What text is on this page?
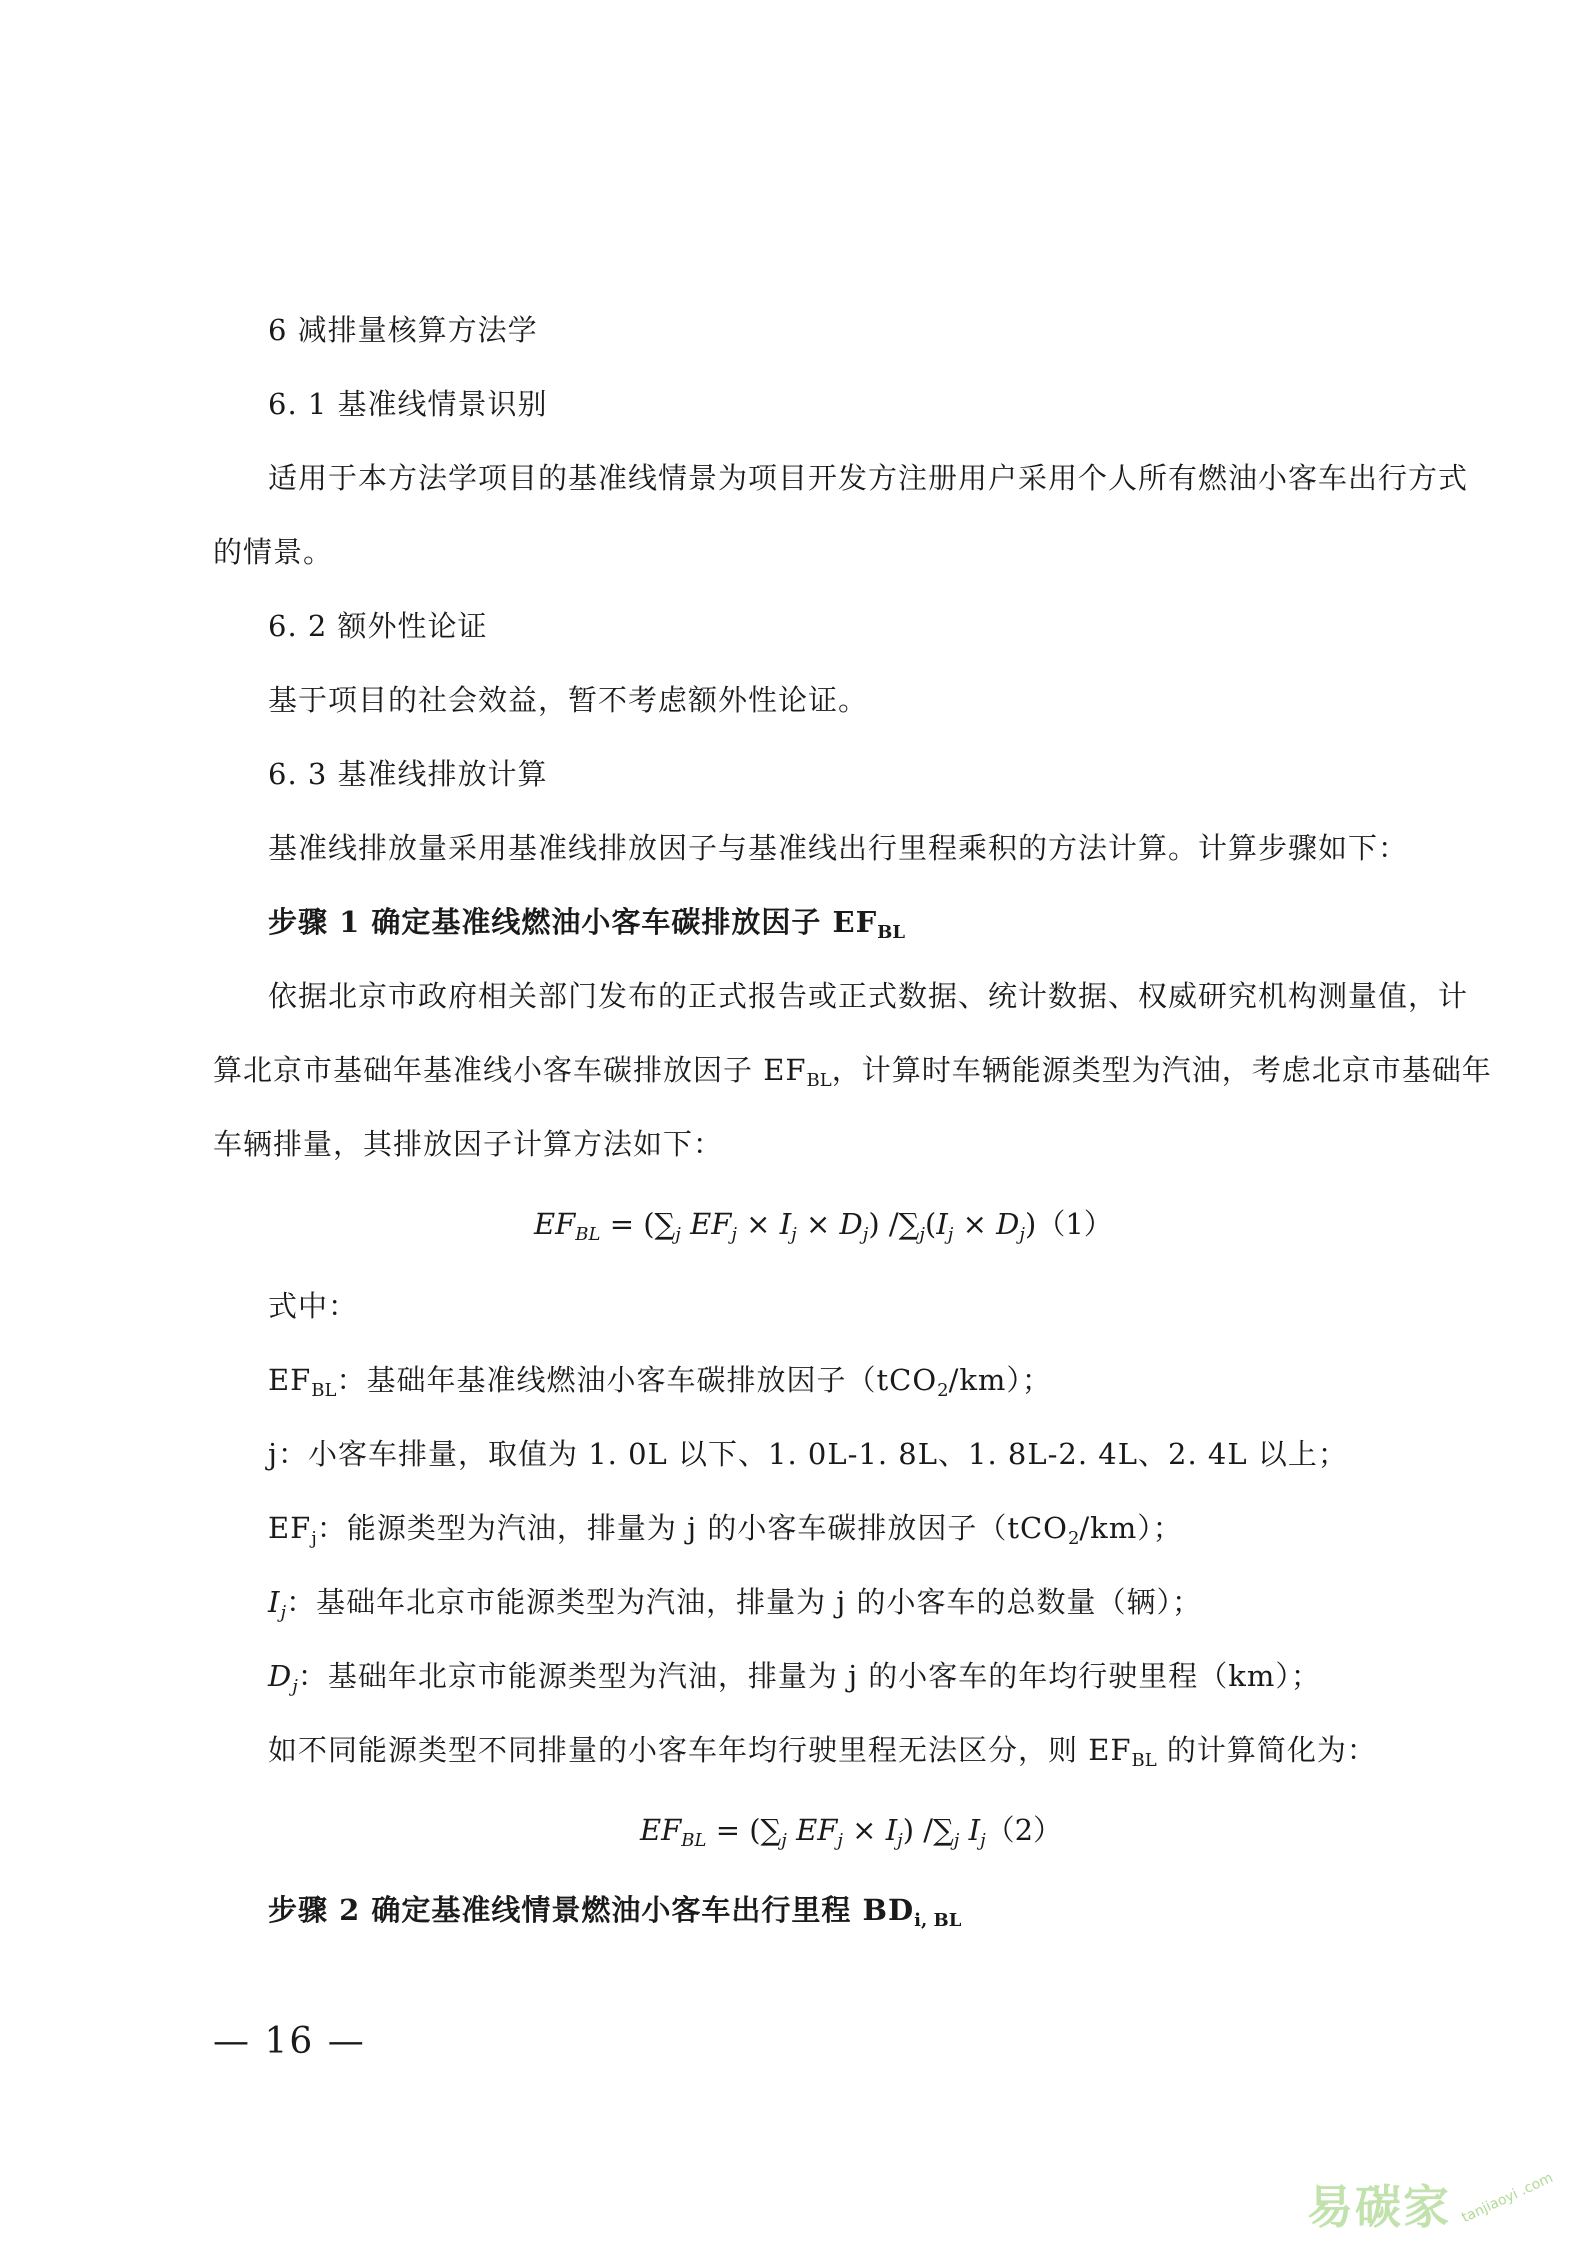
6 减排量核算方法学
6. 1 基准线情景识别
适用于本方法学项目的基准线情景为项目开发方注册用户采用个人所有燃油小客车出行方式
的情景。
6. 2 额外性论证
基于项目的社会效益，暂不考虑额外性论证。
6. 3 基准线排放计算
基准线排放量采用基准线排放因子与基准线出行里程乘积的方法计算。计算步骤如下：
步骤 1 确定基准线燃油小客车碳排放因子 $EF_{BL}$
依据北京市政府相关部门发布的正式报告或正式数据、统计数据、权威研究机构测量值，计
算北京市基础年基准线小客车碳排放因子 $EF_{BL}$，计算时车辆能源类型为汽油，考虑北京市基础年
车辆排量，其排放因子计算方法如下：
$EF_{BL} = (\sum_j$ $EF_j \times I_j \times D_j$) $/\sum_j(I_j \times D_j)(1)$
式中：
$EF_{BL}$：基础年基准线燃油小客车碳排放因子（tCO$_2$/km）；
j：小客车排量，取值为 1. 0L 以下、1. 0L-1. 8L、1. 8L-2. 4L、2. 4L 以上；
$EF_j$：能源类型为汽油，排量为 j 的小客车碳排放因子（tCO$_2$/km）；
$I_j$：基础年北京市能源类型为汽油，排量为 j 的小客车的总数量（辆）；
$D_j$：基础年北京市能源类型为汽油，排量为 j 的小客车的年均行驶里程（km）；
如不同能源类型不同排量的小客车年均行驶里程无法区分，则 $EF_{BL}$ 的计算简化为：
$EF_{BL} = (\sum_j$ $EF_j \times I_j$) $/\sum_j$ $I_j(2)$
步骤 2 确定基准线情景燃油小客车出行里程 $BD_{i, BL}$
— 16 —
易碳家 tanjiaoyi .com
